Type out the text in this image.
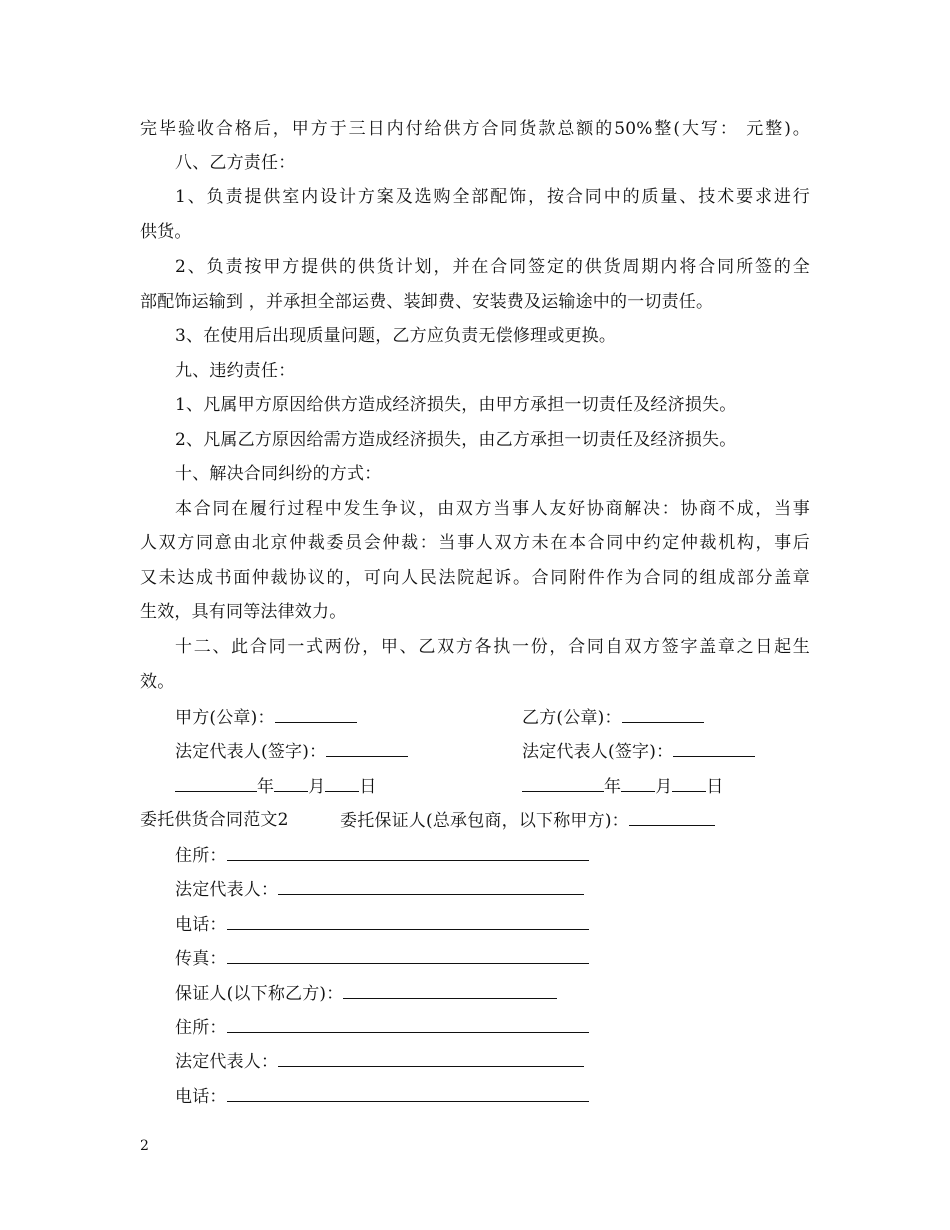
完毕验收合格后，甲方于三日内付给供方合同货款总额的50%整(大写： 元整)。
八、乙方责任：
1、负责提供室内设计方案及选购全部配饰，按合同中的质量、技术要求进行
供货。
2、负责按甲方提供的供货计划，并在合同签定的供货周期内将合同所签的全
部配饰运输到 ，并承担全部运费、装卸费、安装费及运输途中的一切责任。
3、在使用后出现质量问题，乙方应负责无偿修理或更换。
九、违约责任：
1、凡属甲方原因给供方造成经济损失，由甲方承担一切责任及经济损失。
2、凡属乙方原因给需方造成经济损失，由乙方承担一切责任及经济损失。
十、解决合同纠纷的方式：
本合同在履行过程中发生争议，由双方当事人友好协商解决：协商不成，当事
人双方同意由北京仲裁委员会仲裁：当事人双方未在本合同中约定仲裁机构，事后
又未达成书面仲裁协议的，可向人民法院起诉。合同附件作为合同的组成部分盖章
生效，具有同等法律效力。
十二、此合同一式两份，甲、乙双方各执一份，合同自双方签字盖章之日起生
效。
甲方(公章)：	乙方(公章)：
法定代表人(签字)：	法定代表人(签字)：
年 月 日	年 月 日
委托供货合同范文2	委托保证人(总承包商，以下称甲方)：
住所：
法定代表人：
电话：
传真：
保证人(以下称乙方)：
住所：
法定代表人：
电话：
2
